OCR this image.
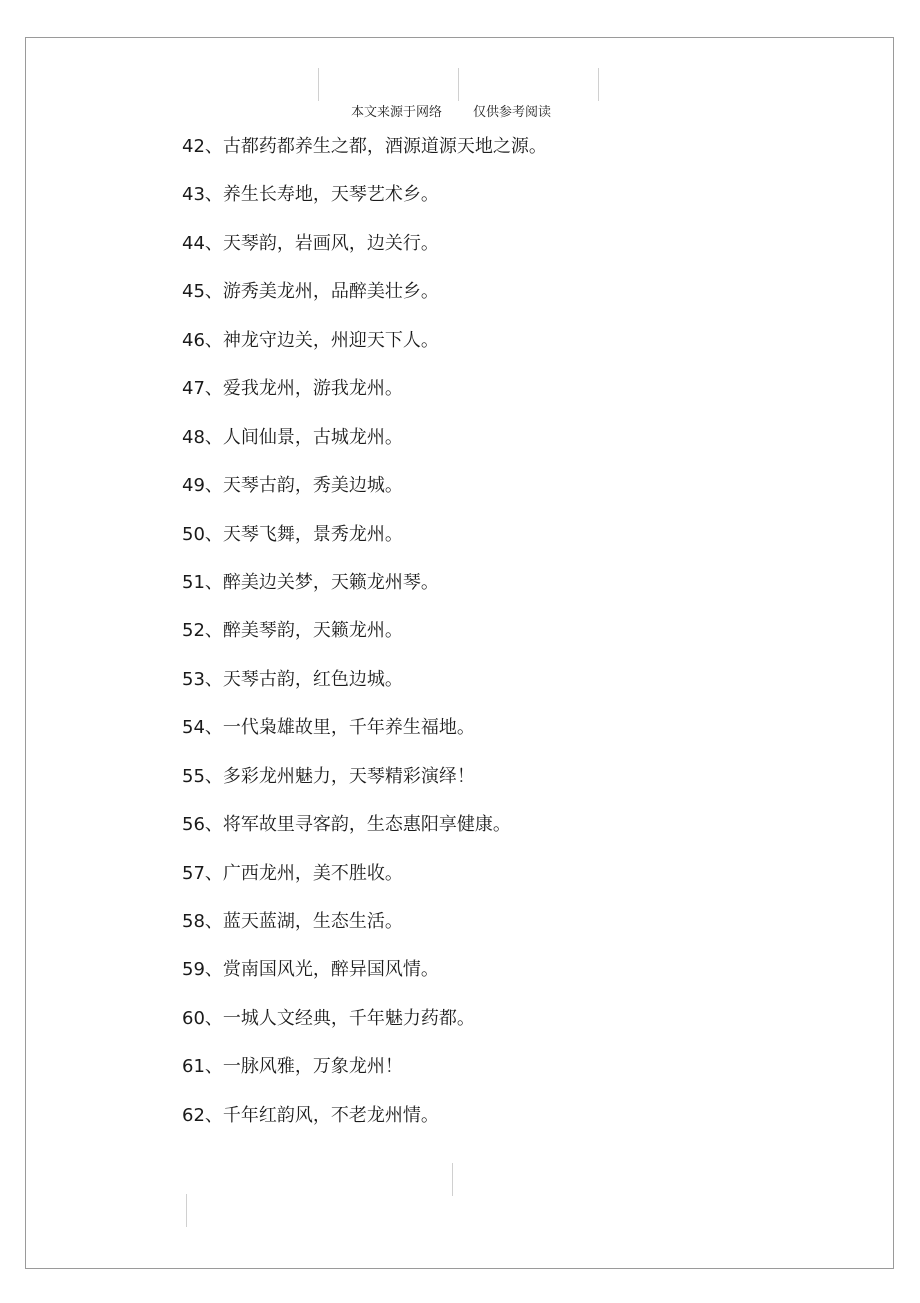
本文来源于网络 仅供参考阅读
42、古都药都养生之都，酒源道源天地之源。
43、养生长寿地，天琴艺术乡。
44、天琴韵，岩画风，边关行。
45、游秀美龙州，品醉美壮乡。
46、神龙守边关，州迎天下人。
47、爱我龙州，游我龙州。
48、人间仙景，古城龙州。
49、天琴古韵，秀美边城。
50、天琴飞舞，景秀龙州。
51、醉美边关梦，天籁龙州琴。
52、醉美琴韵，天籁龙州。
53、天琴古韵，红色边城。
54、一代枭雄故里，千年养生福地。
55、多彩龙州魅力，天琴精彩演绎！
56、将军故里寻客韵，生态惠阳享健康。
57、广西龙州，美不胜收。
58、蓝天蓝湖，生态生活。
59、赏南国风光，醉异国风情。
60、一城人文经典，千年魅力药都。
61、一脉风雅，万象龙州！
62、千年红韵风，不老龙州情。
